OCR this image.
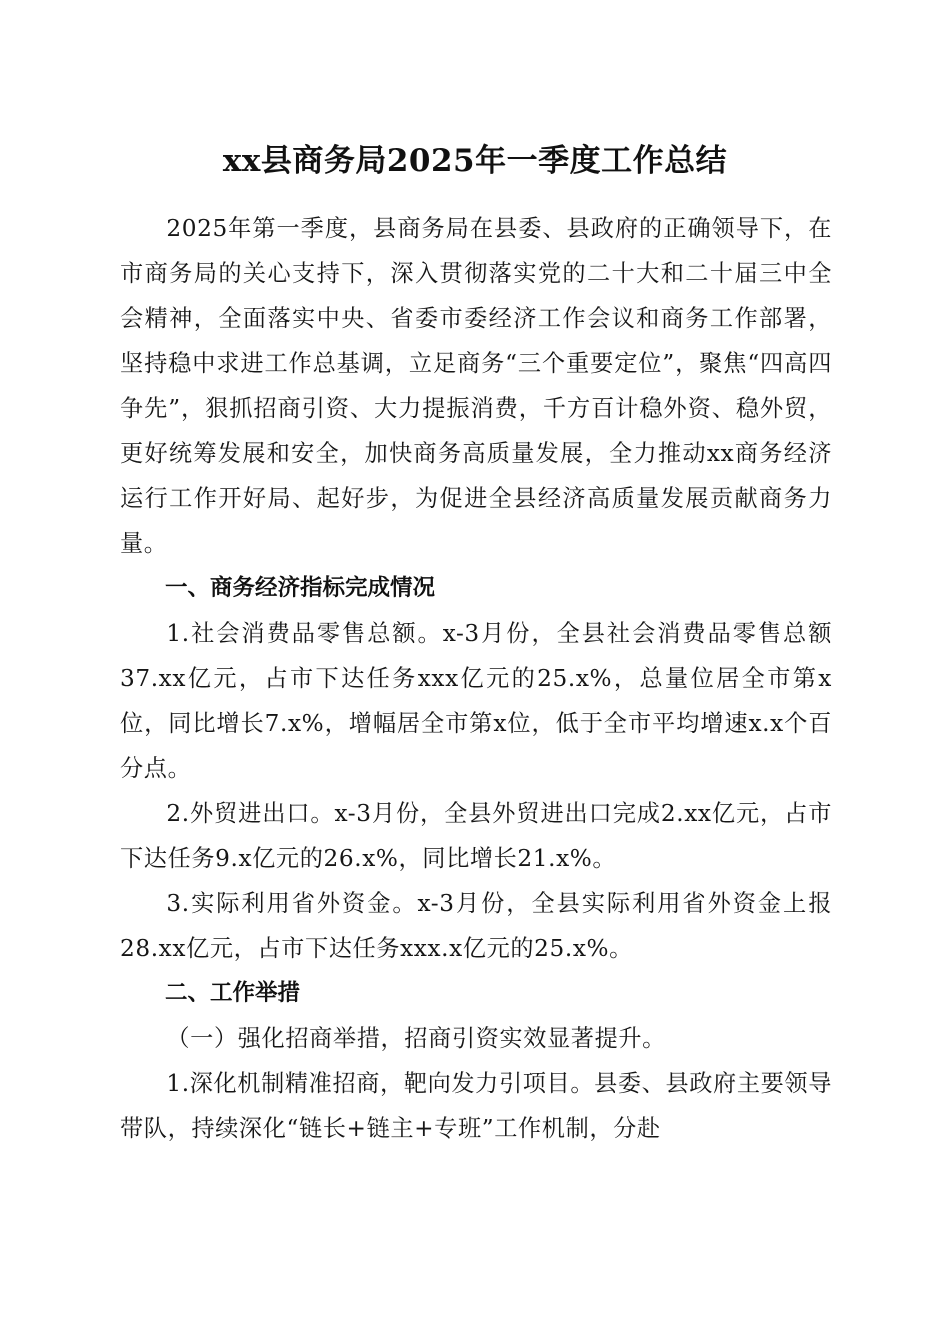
xx县商务局2025年一季度工作总结

2025年第一季度，县商务局在县委、县政府的正确领导下，在市商务局的关心支持下，深入贯彻落实党的二十大和二十届三中全会精神，全面落实中央、省委市委经济工作会议和商务工作部署，坚持稳中求进工作总基调，立足商务“三个重要定位”，聚焦“四高四争先”，狠抓招商引资、大力提振消费，千方百计稳外资、稳外贸，更好统筹发展和安全，加快商务高质量发展，全力推动xx商务经济运行工作开好局、起好步，为促进全县经济高质量发展贡献商务力量。

一、商务经济指标完成情况

1.社会消费品零售总额。x-3月份，全县社会消费品零售总额37.xx亿元，占市下达任务xxx亿元的25.x%，总量位居全市第x位，同比增长7.x%，增幅居全市第x位，低于全市平均增速x.x个百分点。

2.外贸进出口。x-3月份，全县外贸进出口完成2.xx亿元，占市下达任务9.x亿元的26.x%，同比增长21.x%。

3.实际利用省外资金。x-3月份，全县实际利用省外资金上报28.xx亿元，占市下达任务xxx.x亿元的25.x%。

二、工作举措

（一）强化招商举措，招商引资实效显著提升。

1.深化机制精准招商，靶向发力引项目。县委、县政府主要领导带队，持续深化“链长+链主+专班”工作机制，分赴
